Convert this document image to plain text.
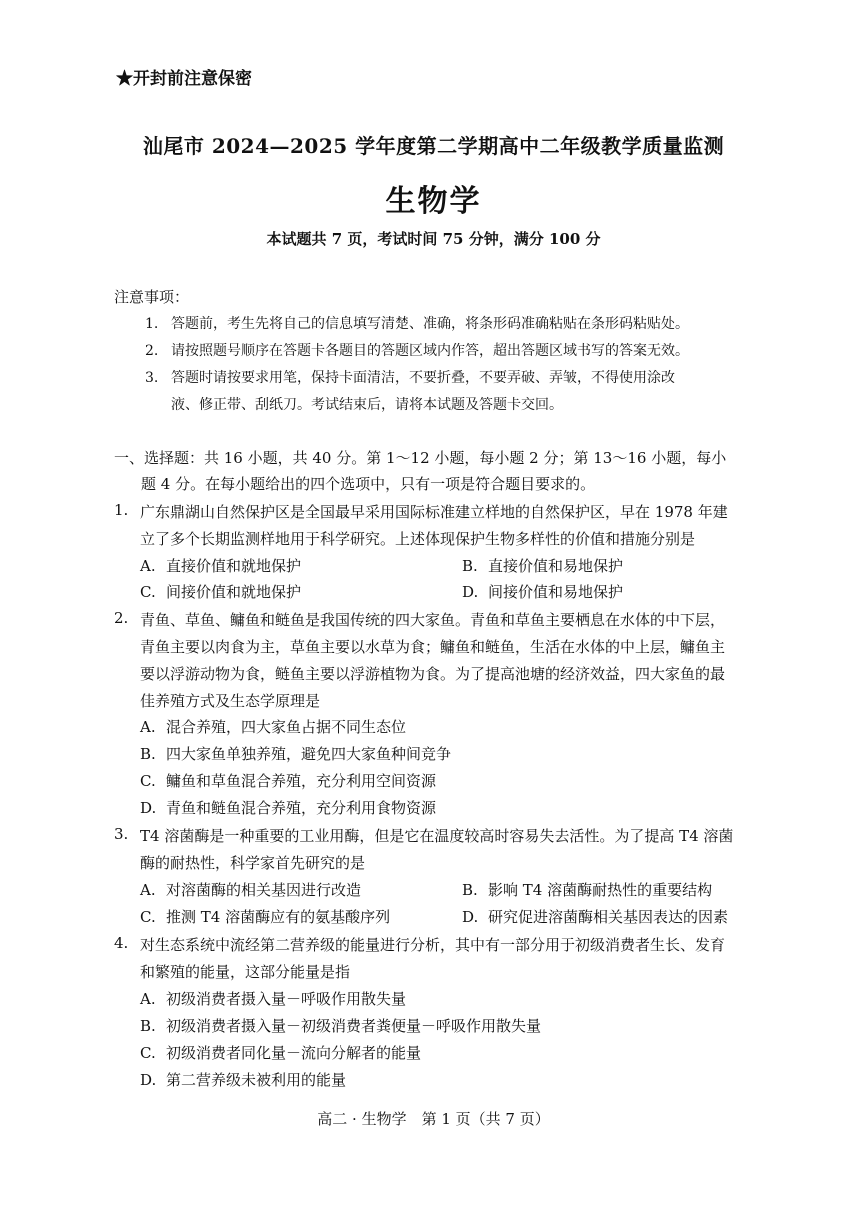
★开封前注意保密
汕尾市 2024—2025 学年度第二学期高中二年级教学质量监测
生物学
本试题共 7 页，考试时间 75 分钟，满分 100 分
注意事项：
1. 答题前，考生先将自己的信息填写清楚、准确，将条形码准确粘贴在条形码粘贴处。
2. 请按照题号顺序在答题卡各题目的答题区域内作答，超出答题区域书写的答案无效。
3. 答题时请按要求用笔，保持卡面清洁，不要折叠，不要弄破、弄皱，不得使用涂改
液、修正带、刮纸刀。考试结束后，请将本试题及答题卡交回。
一、选择题：共 16 小题，共 40 分。第 1～12 小题，每小题 2 分；第 13～16 小题，每小
题 4 分。在每小题给出的四个选项中，只有一项是符合题目要求的。
1. 广东鼎湖山自然保护区是全国最早采用国际标准建立样地的自然保护区，早在 1978 年建
立了多个长期监测样地用于科学研究。上述体现保护生物多样性的价值和措施分别是
A. 直接价值和就地保护	B. 直接价值和易地保护
C. 间接价值和就地保护	D. 间接价值和易地保护
2. 青鱼、草鱼、鳙鱼和鲢鱼是我国传统的四大家鱼。青鱼和草鱼主要栖息在水体的中下层，
青鱼主要以肉食为主，草鱼主要以水草为食；鳙鱼和鲢鱼，生活在水体的中上层，鳙鱼主
要以浮游动物为食，鲢鱼主要以浮游植物为食。为了提高池塘的经济效益，四大家鱼的最
佳养殖方式及生态学原理是
A. 混合养殖，四大家鱼占据不同生态位
B. 四大家鱼单独养殖，避免四大家鱼种间竞争
C. 鳙鱼和草鱼混合养殖，充分利用空间资源
D. 青鱼和鲢鱼混合养殖，充分利用食物资源
3. T4 溶菌酶是一种重要的工业用酶，但是它在温度较高时容易失去活性。为了提高 T4 溶菌
酶的耐热性，科学家首先研究的是
A. 对溶菌酶的相关基因进行改造	B. 影响 T4 溶菌酶耐热性的重要结构
C. 推测 T4 溶菌酶应有的氨基酸序列	D. 研究促进溶菌酶相关基因表达的因素
4. 对生态系统中流经第二营养级的能量进行分析，其中有一部分用于初级消费者生长、发育
和繁殖的能量，这部分能量是指
A. 初级消费者摄入量－呼吸作用散失量
B. 初级消费者摄入量－初级消费者粪便量－呼吸作用散失量
C. 初级消费者同化量－流向分解者的能量
D. 第二营养级未被利用的能量
高二 · 生物学　第 1 页（共 7 页）
